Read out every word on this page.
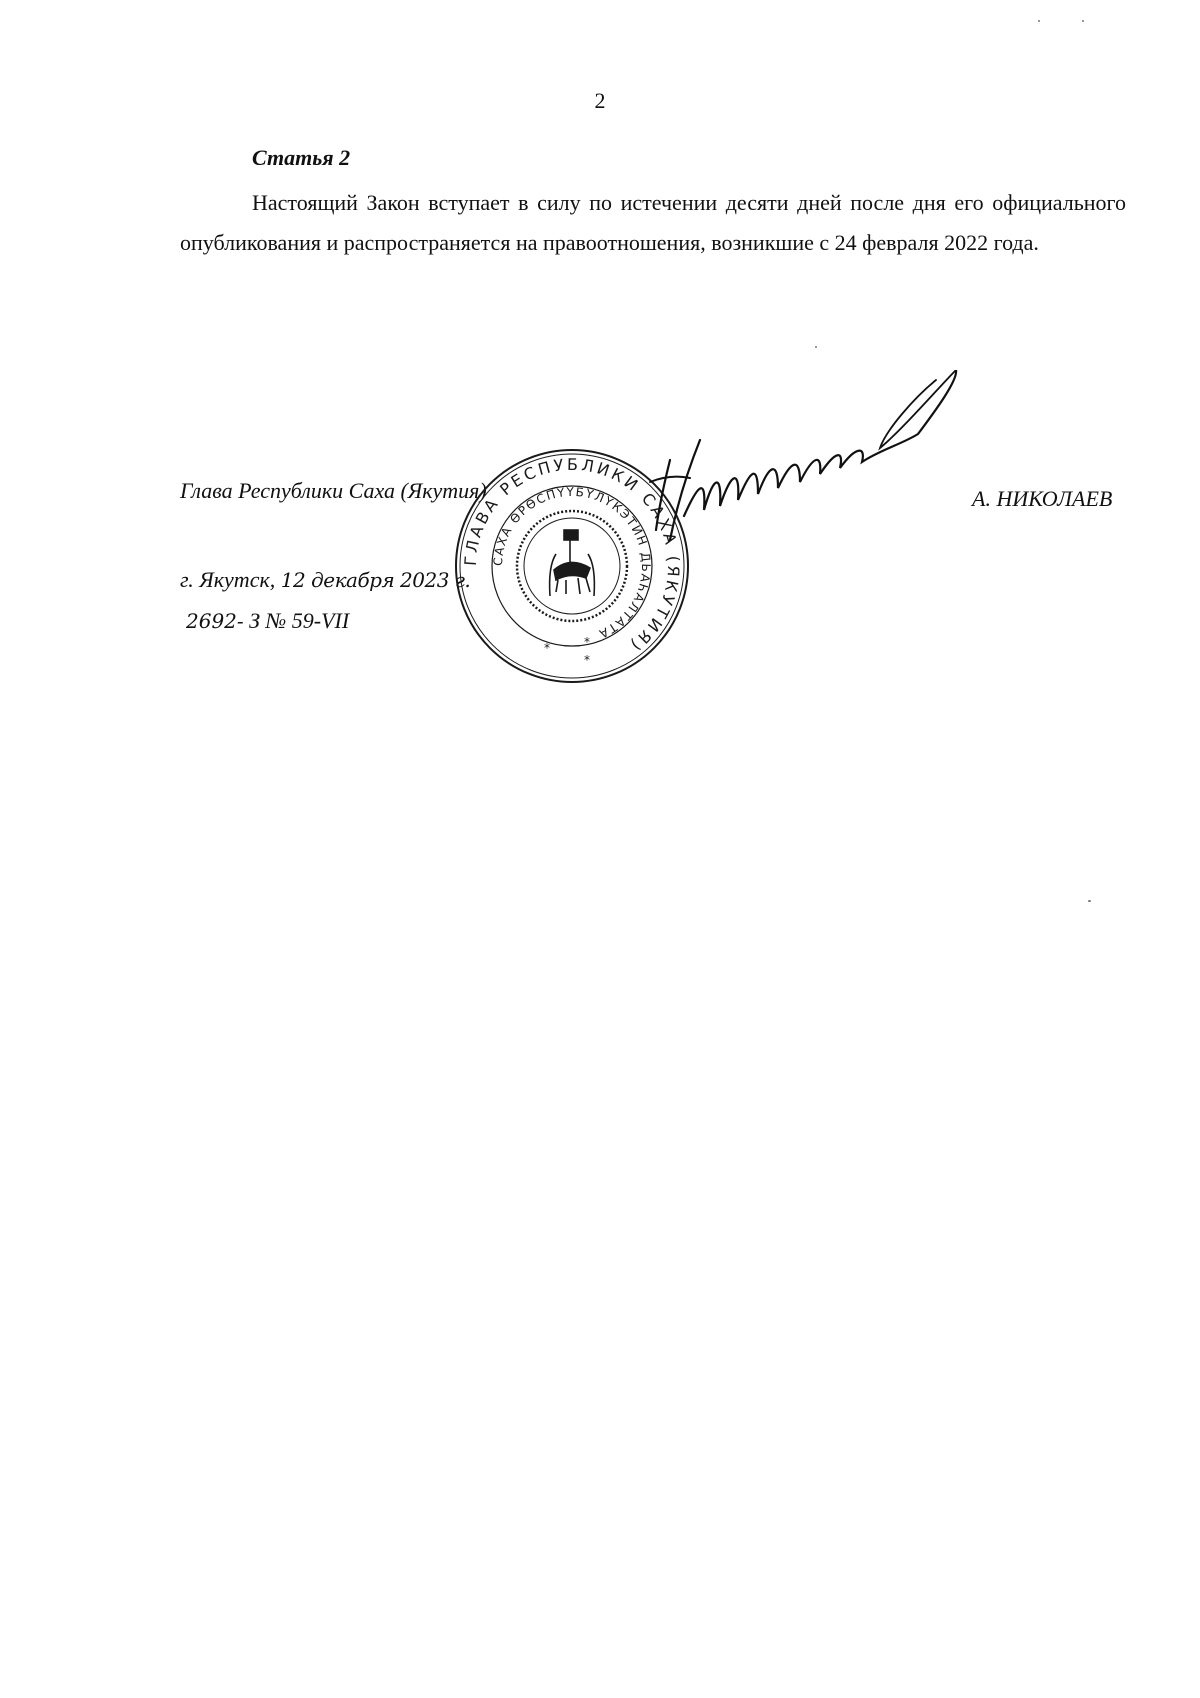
2
Статья 2

Настоящий Закон вступает в силу по истечении десяти дней после дня его официального опубликования и распространяется на правоотношения, возникшие с 24 февраля 2022 года.

Глава Республики Саха (Якутия)	А. НИКОЛАЕВ
г. Якутск, 12 декабря 2023 г.
2692- З № 59-VII
ГЛАВА РЕСПУБЛИКИ САХА (ЯКУТИЯ)
САХА ӨРӨСПҮҮБҮЛҮКЭТИН ДЬАҺАЛТАТА
*
*
*
